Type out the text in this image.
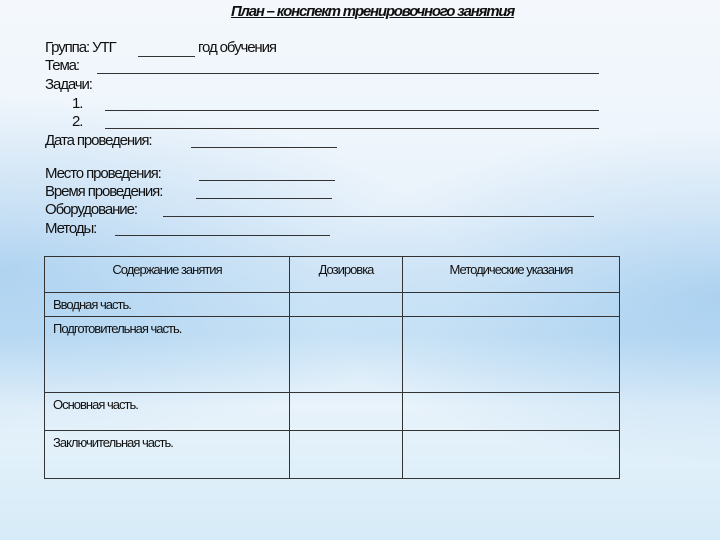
План – конспект тренировочного занятия
Группа: УТГ	год обучения
Тема:
Задачи:
1.
2.
Дата проведения:
Место проведения:
Время проведения:
Оборудование:
Методы:
Содержание занятия	Дозировка	Методические указания
Вводная часть.		
Подготовительная часть.		
Основная часть.		
Заключительная часть.		
